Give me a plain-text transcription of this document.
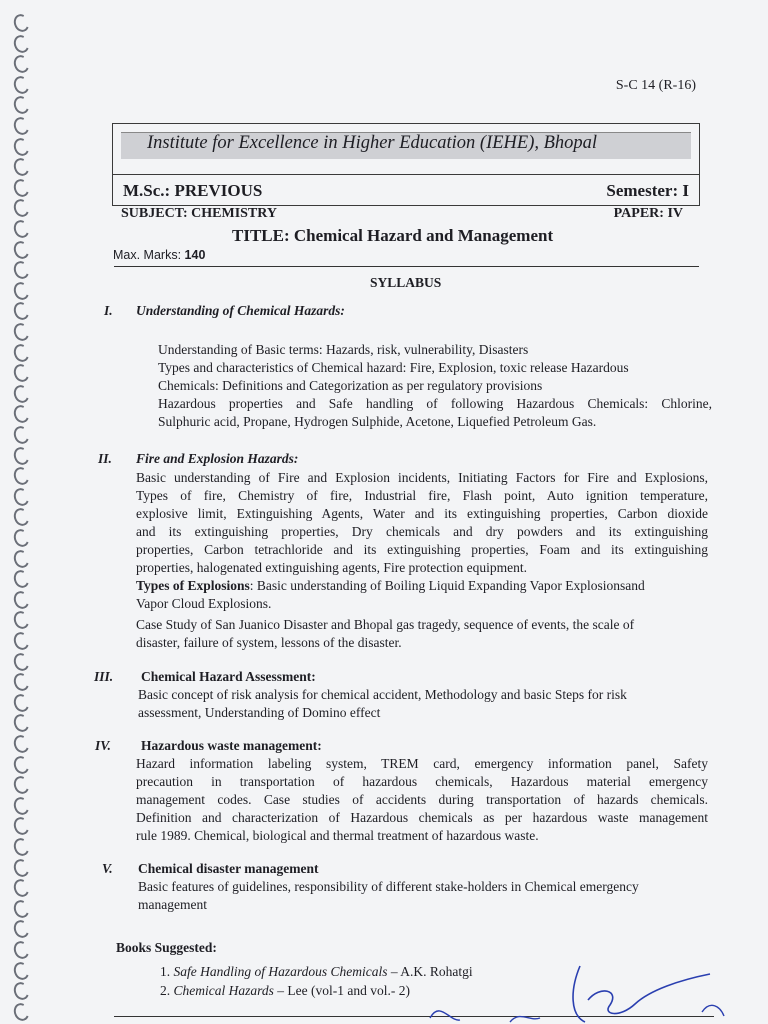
S-C 14 (R-16)
Institute for Excellence in Higher Education (IEHE), Bhopal
M.Sc.: PREVIOUS	Semester: I
SUBJECT: CHEMISTRY	PAPER: IV
TITLE: Chemical Hazard and Management
Max. Marks: 140
SYLLABUS
I. Understanding of Chemical Hazards:
Understanding of Basic terms: Hazards, risk, vulnerability, Disasters
Types and characteristics of Chemical hazard: Fire, Explosion, toxic release Hazardous
Chemicals: Definitions and Categorization as per regulatory provisions
Hazardous properties and Safe handling of following Hazardous Chemicals: Chlorine,
Sulphuric acid, Propane, Hydrogen Sulphide, Acetone, Liquefied Petroleum Gas.
II. Fire and Explosion Hazards:
Basic understanding of Fire and Explosion incidents, Initiating Factors for Fire and Explosions,
Types of fire, Chemistry of fire, Industrial fire, Flash point, Auto ignition temperature,
explosive limit, Extinguishing Agents, Water and its extinguishing properties, Carbon dioxide
and its extinguishing properties, Dry chemicals and dry powders and its extinguishing
properties, Carbon tetrachloride and its extinguishing properties, Foam and its extinguishing
properties, halogenated extinguishing agents, Fire protection equipment.
Types of Explosions: Basic understanding of Boiling Liquid Expanding Vapor Explosionsand
Vapor Cloud Explosions.
Case Study of San Juanico Disaster and Bhopal gas tragedy, sequence of events, the scale of
disaster, failure of system, lessons of the disaster.
III. Chemical Hazard Assessment:
Basic concept of risk analysis for chemical accident, Methodology and basic Steps for risk
assessment, Understanding of Domino effect
IV. Hazardous waste management:
Hazard information labeling system, TREM card, emergency information panel, Safety
precaution in transportation of hazardous chemicals, Hazardous material emergency
management codes. Case studies of accidents during transportation of hazards chemicals.
Definition and characterization of Hazardous chemicals as per hazardous waste management
rule 1989. Chemical, biological and thermal treatment of hazardous waste.
V. Chemical disaster management
Basic features of guidelines, responsibility of different stake-holders in Chemical emergency
management
Books Suggested:
1. Safe Handling of Hazardous Chemicals – A.K. Rohatgi
2. Chemical Hazards – Lee (vol-1 and vol.- 2)
